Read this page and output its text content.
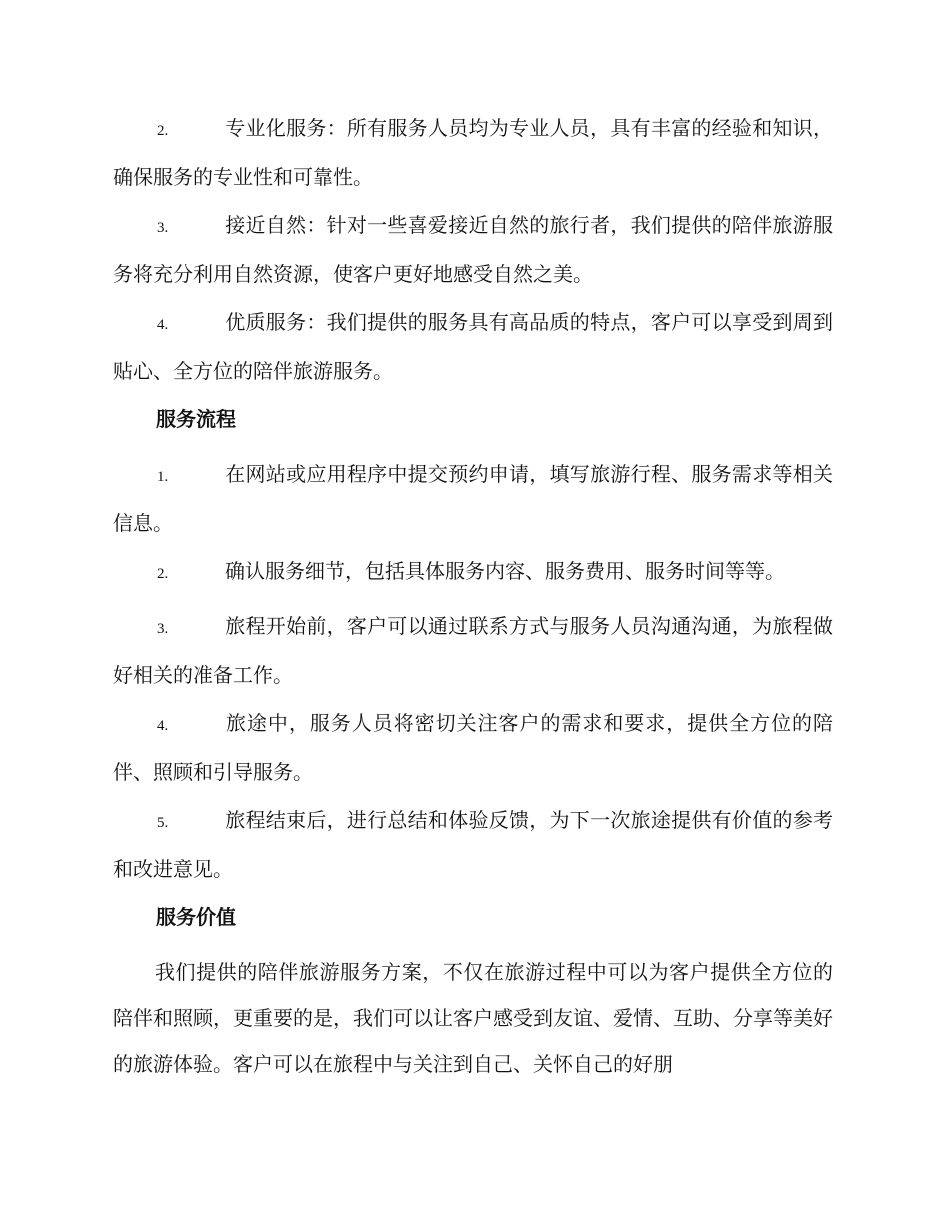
2.	专业化服务：所有服务人员均为专业人员，具有丰富的经验和知识，确保服务的专业性和可靠性。

3.	接近自然：针对一些喜爱接近自然的旅行者，我们提供的陪伴旅游服务将充分利用自然资源，使客户更好地感受自然之美。

4.	优质服务：我们提供的服务具有高品质的特点，客户可以享受到周到贴心、全方位的陪伴旅游服务。

服务流程

1.	在网站或应用程序中提交预约申请，填写旅游行程、服务需求等相关信息。

2.	确认服务细节，包括具体服务内容、服务费用、服务时间等等。

3.	旅程开始前，客户可以通过联系方式与服务人员沟通沟通，为旅程做好相关的准备工作。

4.	旅途中，服务人员将密切关注客户的需求和要求，提供全方位的陪伴、照顾和引导服务。

5.	旅程结束后，进行总结和体验反馈，为下一次旅途提供有价值的参考和改进意见。

服务价值

我们提供的陪伴旅游服务方案，不仅在旅游过程中可以为客户提供全方位的陪伴和照顾，更重要的是，我们可以让客户感受到友谊、爱情、互助、分享等美好的旅游体验。客户可以在旅程中与关注到自己、关怀自己的好朋
